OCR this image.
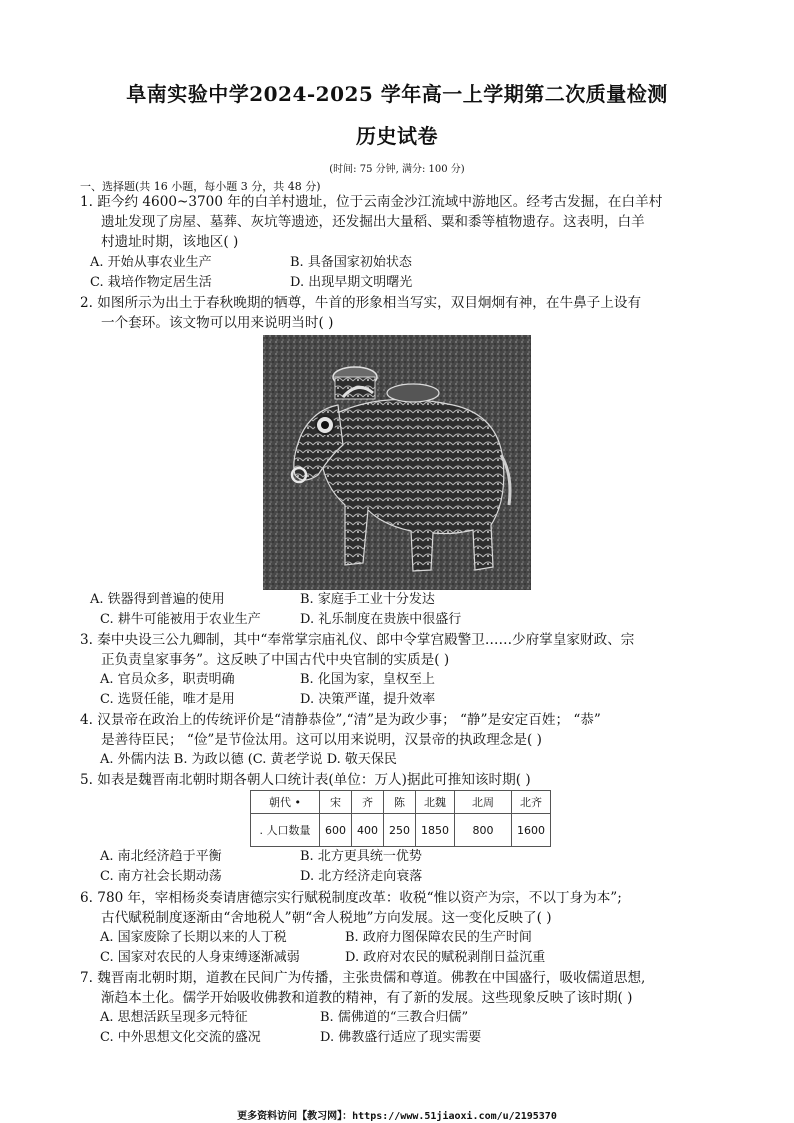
阜南实验中学2024-2025 学年高一上学期第二次质量检测
历史试卷
(时间: 75 分钟, 满分: 100 分)
一、选择题(共 16 小题，每小题 3 分，共 48 分)
1. 距今约 4600~3700 年的白羊村遗址，位于云南金沙江流域中游地区。经考古发掘，在白羊村
遗址发现了房屋、墓葬、灰坑等遗迹，还发掘出大量稻、粟和黍等植物遗存。这表明，白羊
村遗址时期，该地区( )
A. 开始从事农业生产	B. 具备国家初始状态
C. 栽培作物定居生活	D. 出现早期文明曙光
2. 如图所示为出土于春秋晚期的牺尊，牛首的形象相当写实，双目炯炯有神，在牛鼻子上设有
一个套环。该文物可以用来说明当时( )
A. 铁器得到普遍的使用	B. 家庭手工业十分发达
C. 耕牛可能被用于农业生产	D. 礼乐制度在贵族中很盛行
3. 秦中央设三公九卿制，其中“奉常掌宗庙礼仪、郎中令掌宫殿警卫……少府掌皇家财政、宗
正负责皇家事务”。这反映了中国古代中央官制的实质是( )
A. 官员众多，职责明确	B. 化国为家，皇权至上
C. 选贤任能，唯才是用	D. 决策严谨，提升效率
4. 汉景帝在政治上的传统评价是“清静恭俭”,“清”是为政少事； “静”是安定百姓； “恭”
是善待臣民； “俭”是节俭汰用。这可以用来说明，汉景帝的执政理念是( )
A. 外儒内法 B. 为政以德 (C. 黄老学说 D. 敬天保民
5. 如表是魏晋南北朝时期各朝人口统计表(单位：万人)据此可推知该时期( )
朝代 •	宋	齐	陈	北魏	北周	北齐
. 人口数量	600	400	250	1850	800	1600
A. 南北经济趋于平衡	B. 北方更具统一优势
C. 南方社会长期动荡	D. 北方经济走向衰落
6. 780 年，宰相杨炎奏请唐德宗实行赋税制度改革：收税“惟以资产为宗，不以丁身为本”;
古代赋税制度逐渐由“舍地税人”朝“舍人税地”方向发展。这一变化反映了( )
A. 国家废除了长期以来的人丁税	B. 政府力图保障农民的生产时间
C. 国家对农民的人身束缚逐渐减弱	D. 政府对农民的赋税剥削日益沉重
7. 魏晋南北朝时期，道教在民间广为传播，主张贵儒和尊道。佛教在中国盛行，吸收儒道思想,
渐趋本土化。儒学开始吸收佛教和道教的精神，有了新的发展。这些现象反映了该时期( )
A. 思想活跃呈现多元特征	B. 儒佛道的“三教合归儒”
C. 中外思想文化交流的盛况	D. 佛教盛行适应了现实需要
更多资料访问【教习网】：https://www.51jiaoxi.com/u/2195370
